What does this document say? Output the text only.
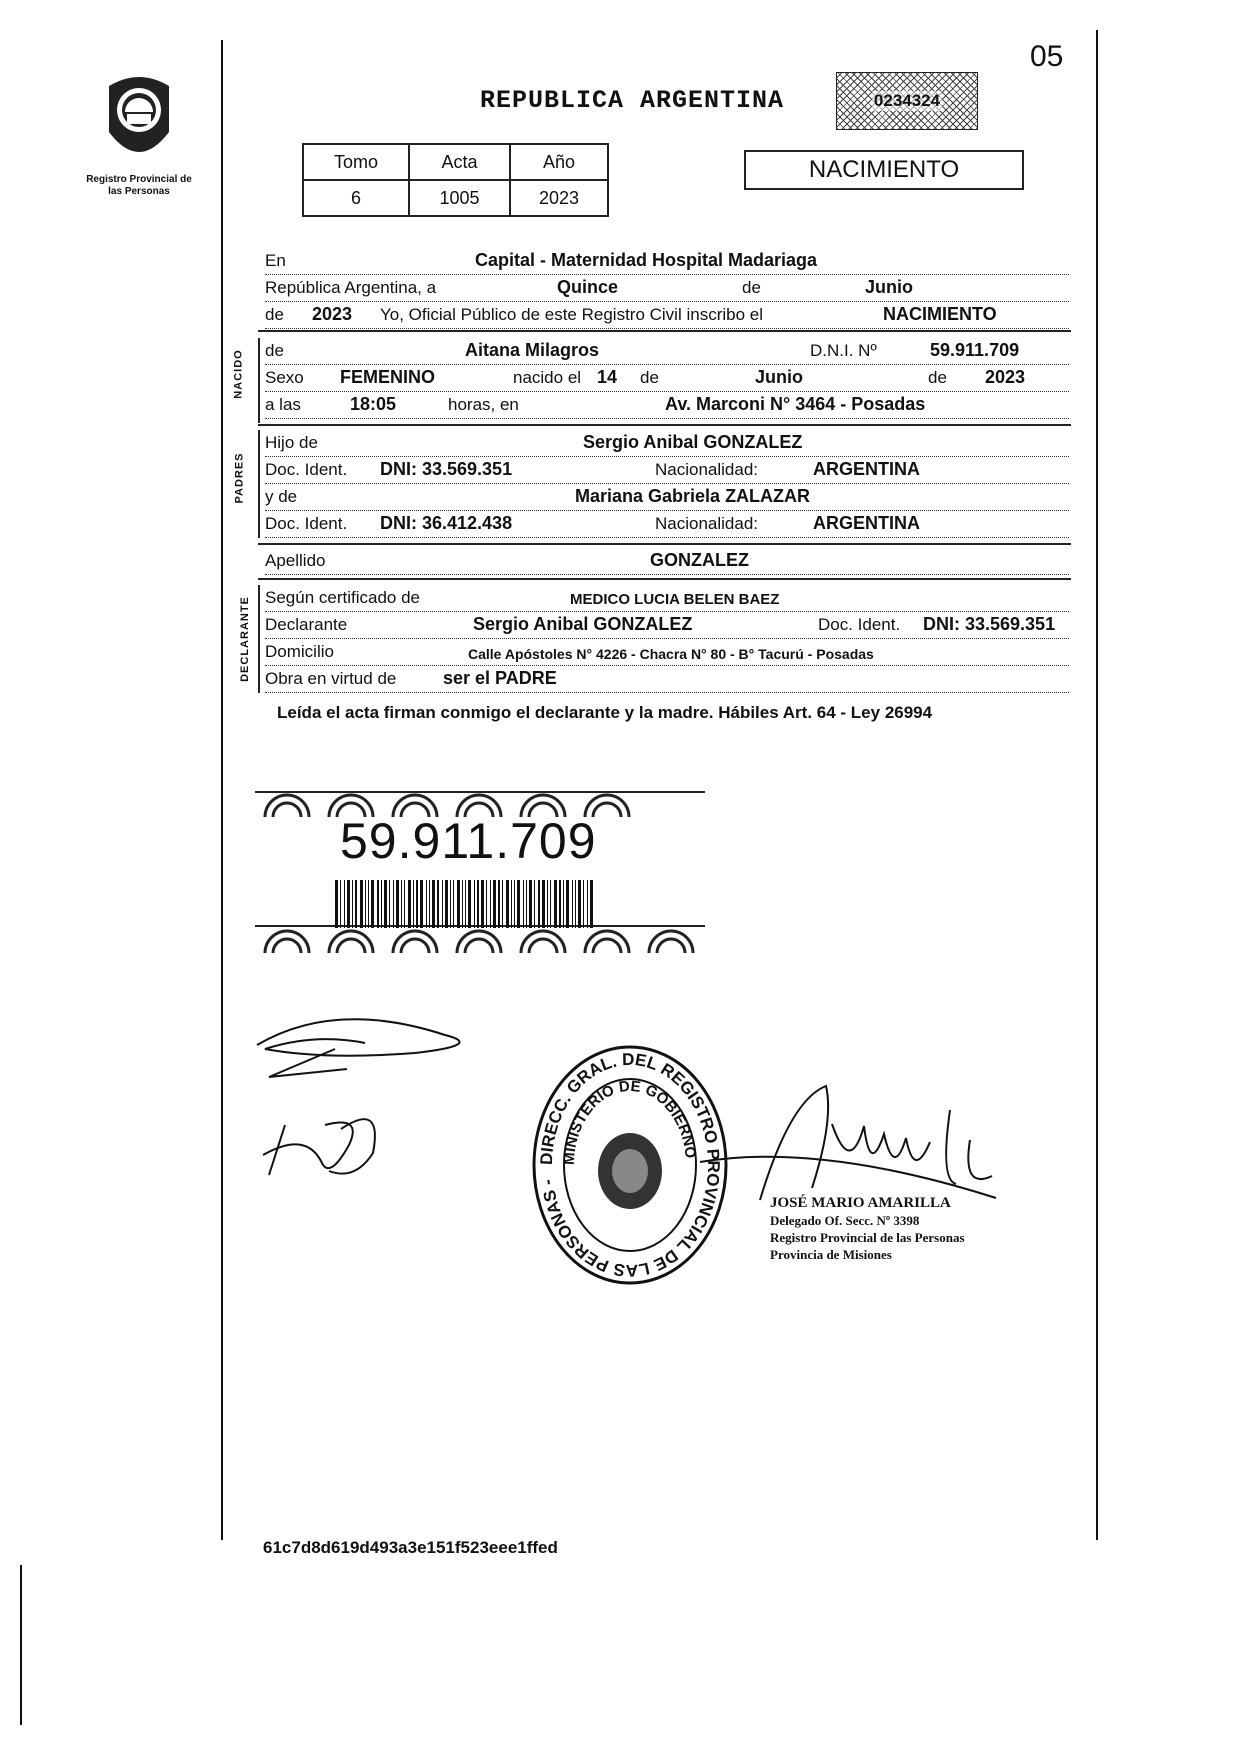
05
Registro Provincial de las Personas
REPUBLICA ARGENTINA	0234324
Tomo	Acta	Año
6	1005	2023
NACIMIENTO
En	Capital - Maternidad Hospital Madariaga
República Argentina, a	Quince	de	Junio
de 2023 Yo, Oficial Público de este Registro Civil inscribo el	NACIMIENTO
NACIDO de	Aitana Milagros	D.N.I. Nº	59.911.709
Sexo FEMENINO	nacido el 14 de	Junio	de 2023
a las	18:05	horas, en	Av. Marconi N° 3464 - Posadas
PADRES
Hijo de	Sergio Anibal GONZALEZ
Doc. Ident. DNI: 33.569.351	Nacionalidad:	ARGENTINA
y de	Mariana Gabriela ZALAZAR
Doc. Ident. DNI: 36.412.438	Nacionalidad:	ARGENTINA
Apellido	GONZALEZ
DECLARANTE Según certificado de	MEDICO LUCIA BELEN BAEZ
Declarante	Sergio Anibal GONZALEZ	Doc. Ident. DNI: 33.569.351
Domicilio	Calle Apóstoles N° 4226 - Chacra N° 80 - B° Tacurú - Posadas
Obra en virtud de	ser el PADRE
Leída el acta firman conmigo el declarante y la madre. Hábiles Art. 64 - Ley 26994
59.911.709
DIRECC. GRAL. DEL REGISTRO PROVINCIAL DE LAS PERSONAS -
MINISTERIO DE GOBIERNO
JOSÉ MARIO AMARILLA
Delegado Of. Secc. Nº 3398
Registro Provincial de las Personas
Provincia de Misiones
61c7d8d619d493a3e151f523eee1ffed
